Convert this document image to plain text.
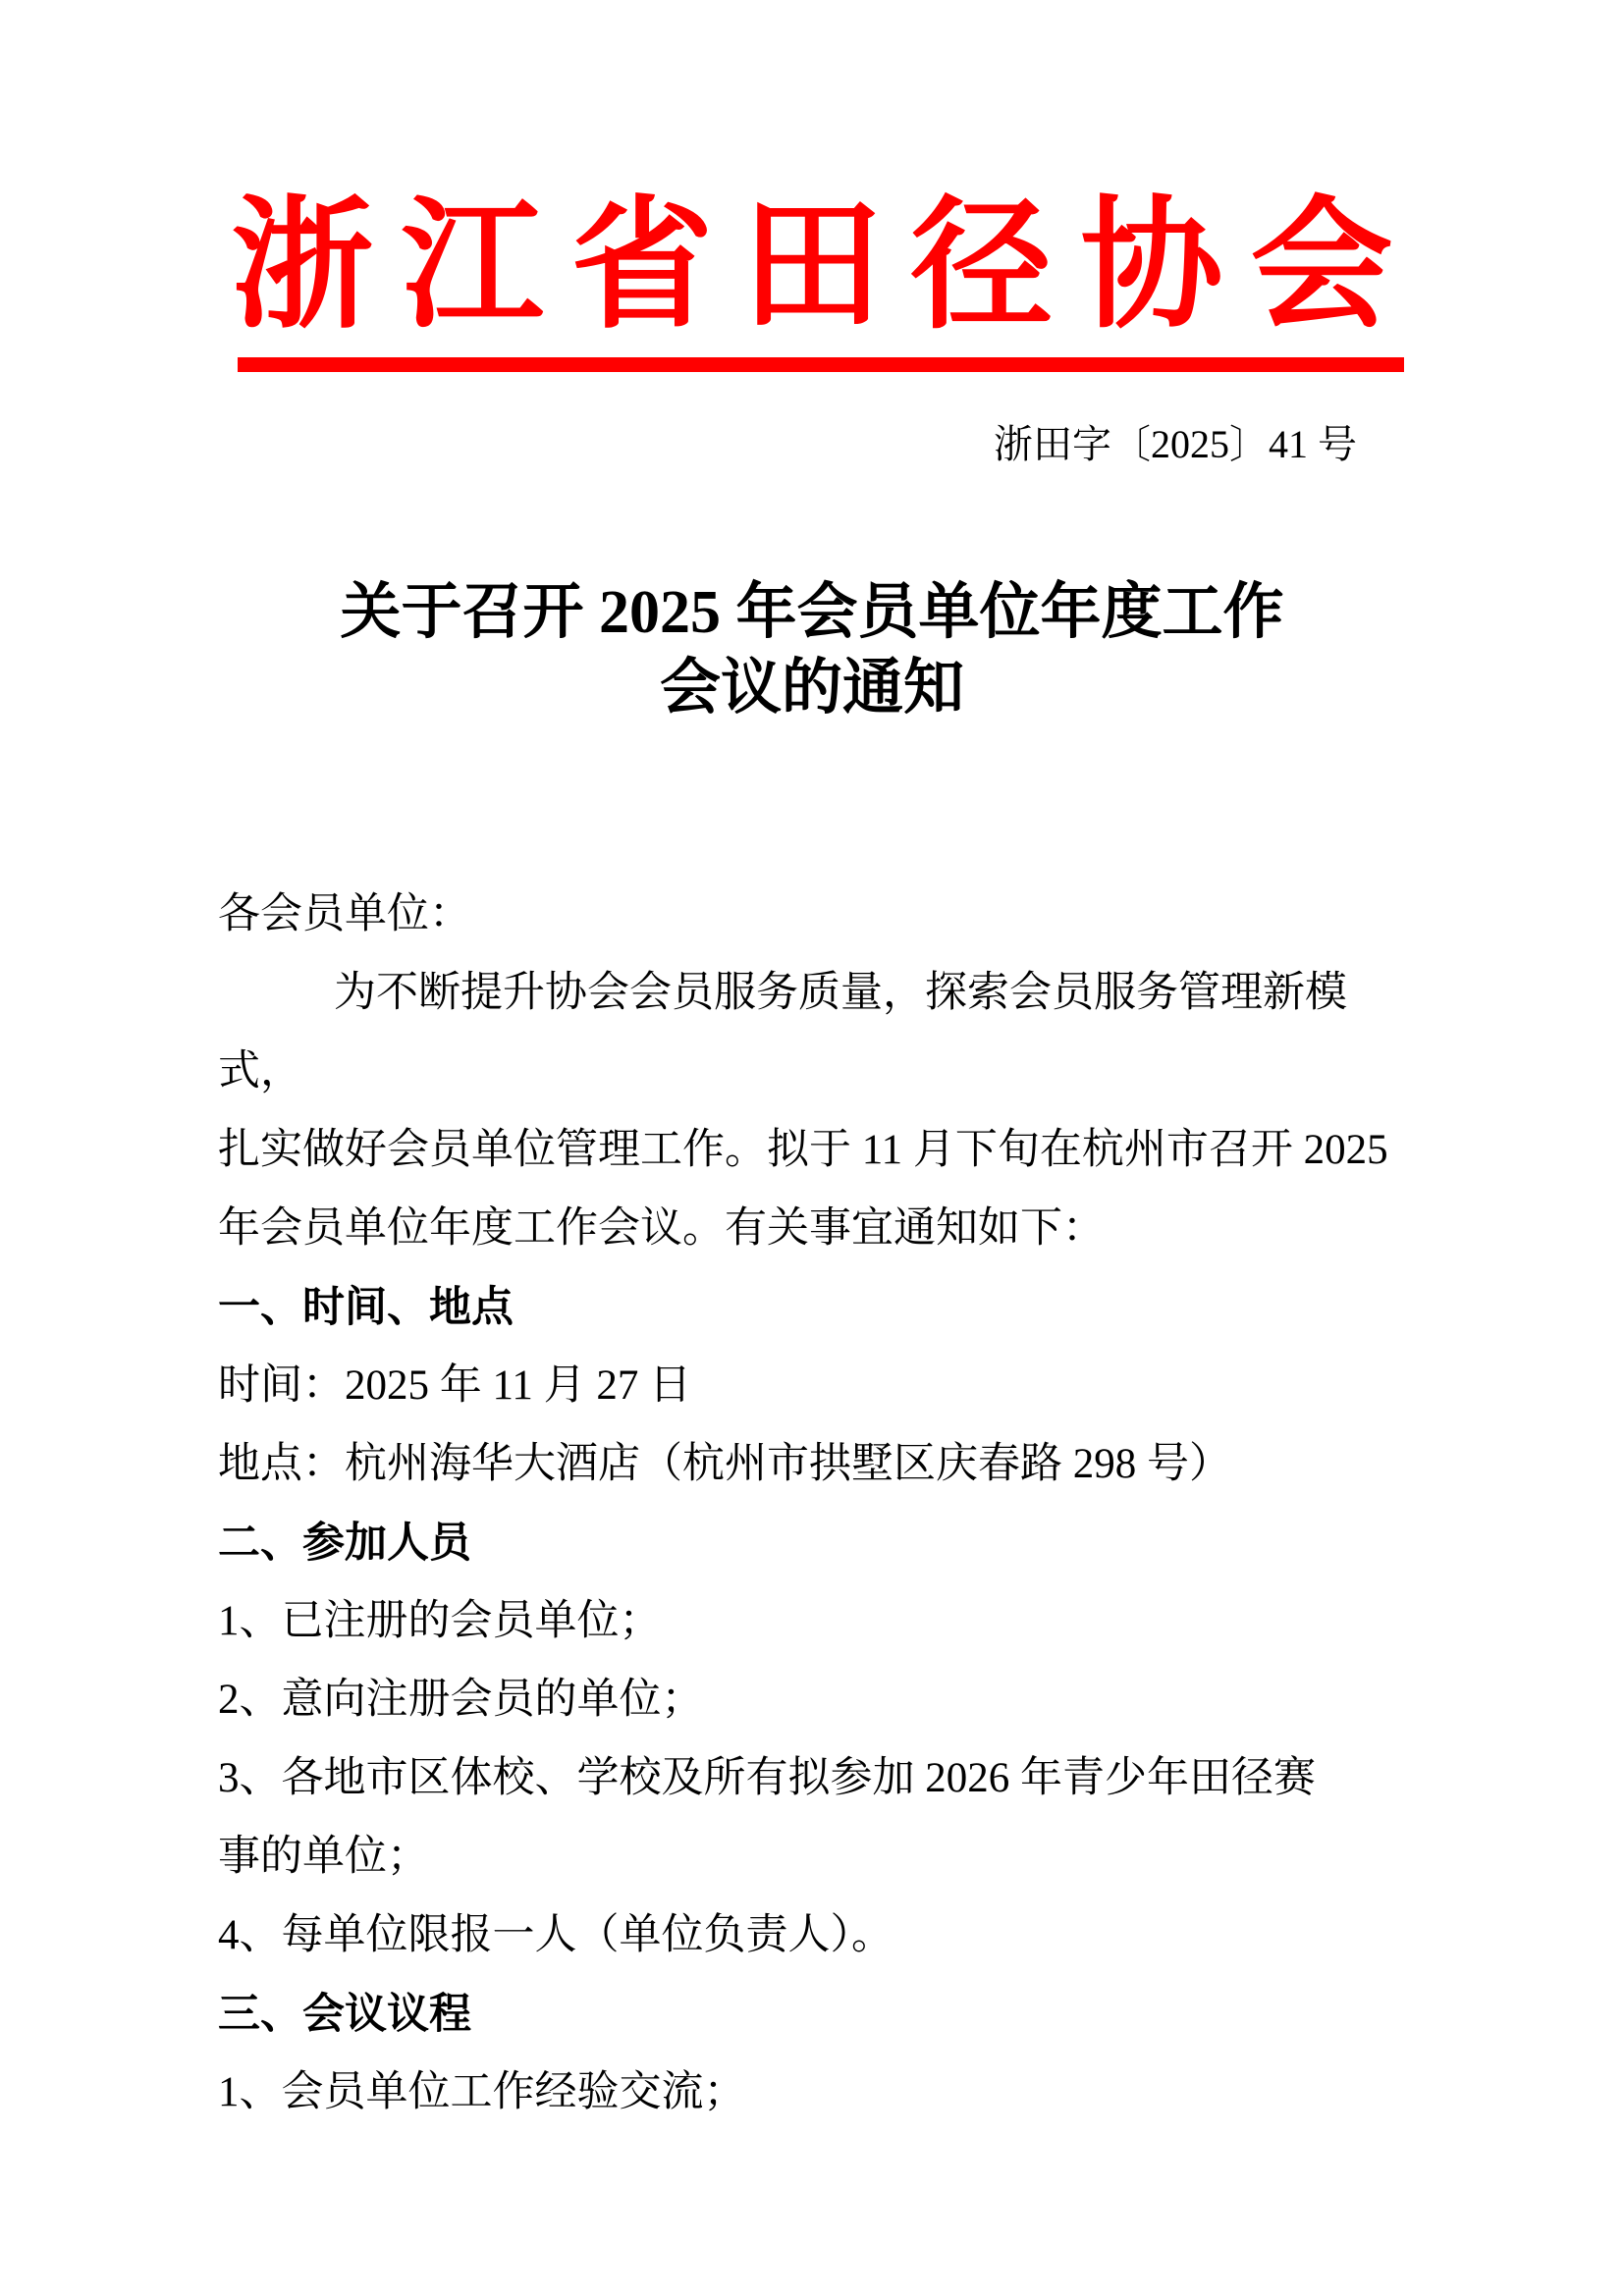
浙江省田径协会
浙田字〔2025〕41 号
关于召开 2025 年会员单位年度工作
会议的通知

各会员单位：

为不断提升协会会员服务质量，探索会员服务管理新模式，

扎实做好会员单位管理工作。拟于 11 月下旬在杭州市召开 2025

年会员单位年度工作会议。有关事宜通知如下：

一、时间、地点

时间：2025 年 11 月 27 日

地点：杭州海华大酒店（杭州市拱墅区庆春路 298 号）

二、参加人员

1、已注册的会员单位；

2、意向注册会员的单位；

3、各地市区体校、学校及所有拟参加 2026 年青少年田径赛

事的单位；

4、每单位限报一人（单位负责人）。

三、会议议程

1、会员单位工作经验交流；
